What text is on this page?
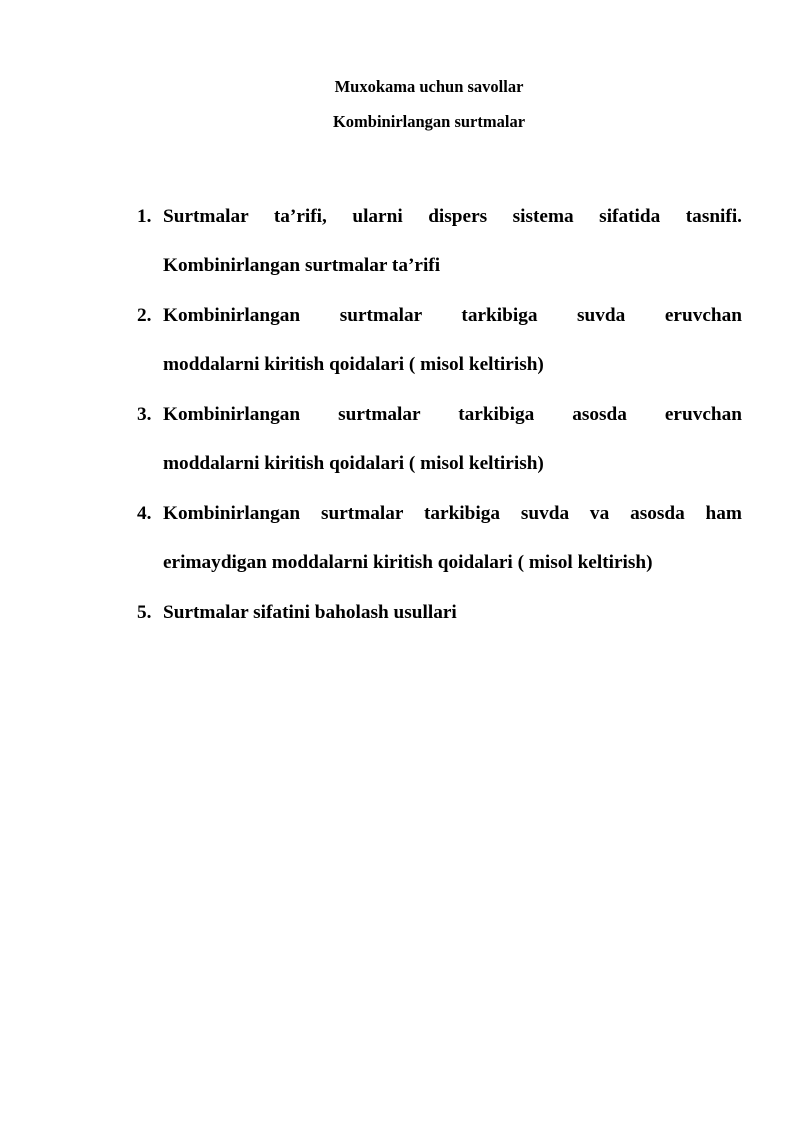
Muxokama uchun savollar
Kombinirlangan surtmalar
1. Surtmalar ta’rifi, ularni dispers sistema sifatida tasnifi.
Kombinirlangan surtmalar ta’rifi
2. Kombinirlangan surtmalar tarkibiga suvda eruvchan
moddalarni kiritish qoidalari ( misol keltirish)
3. Kombinirlangan surtmalar tarkibiga asosda eruvchan
moddalarni kiritish qoidalari ( misol keltirish)
4. Kombinirlangan surtmalar tarkibiga suvda va asosda ham
erimaydigan moddalarni kiritish qoidalari ( misol keltirish)
5. Surtmalar sifatini baholash usullari
